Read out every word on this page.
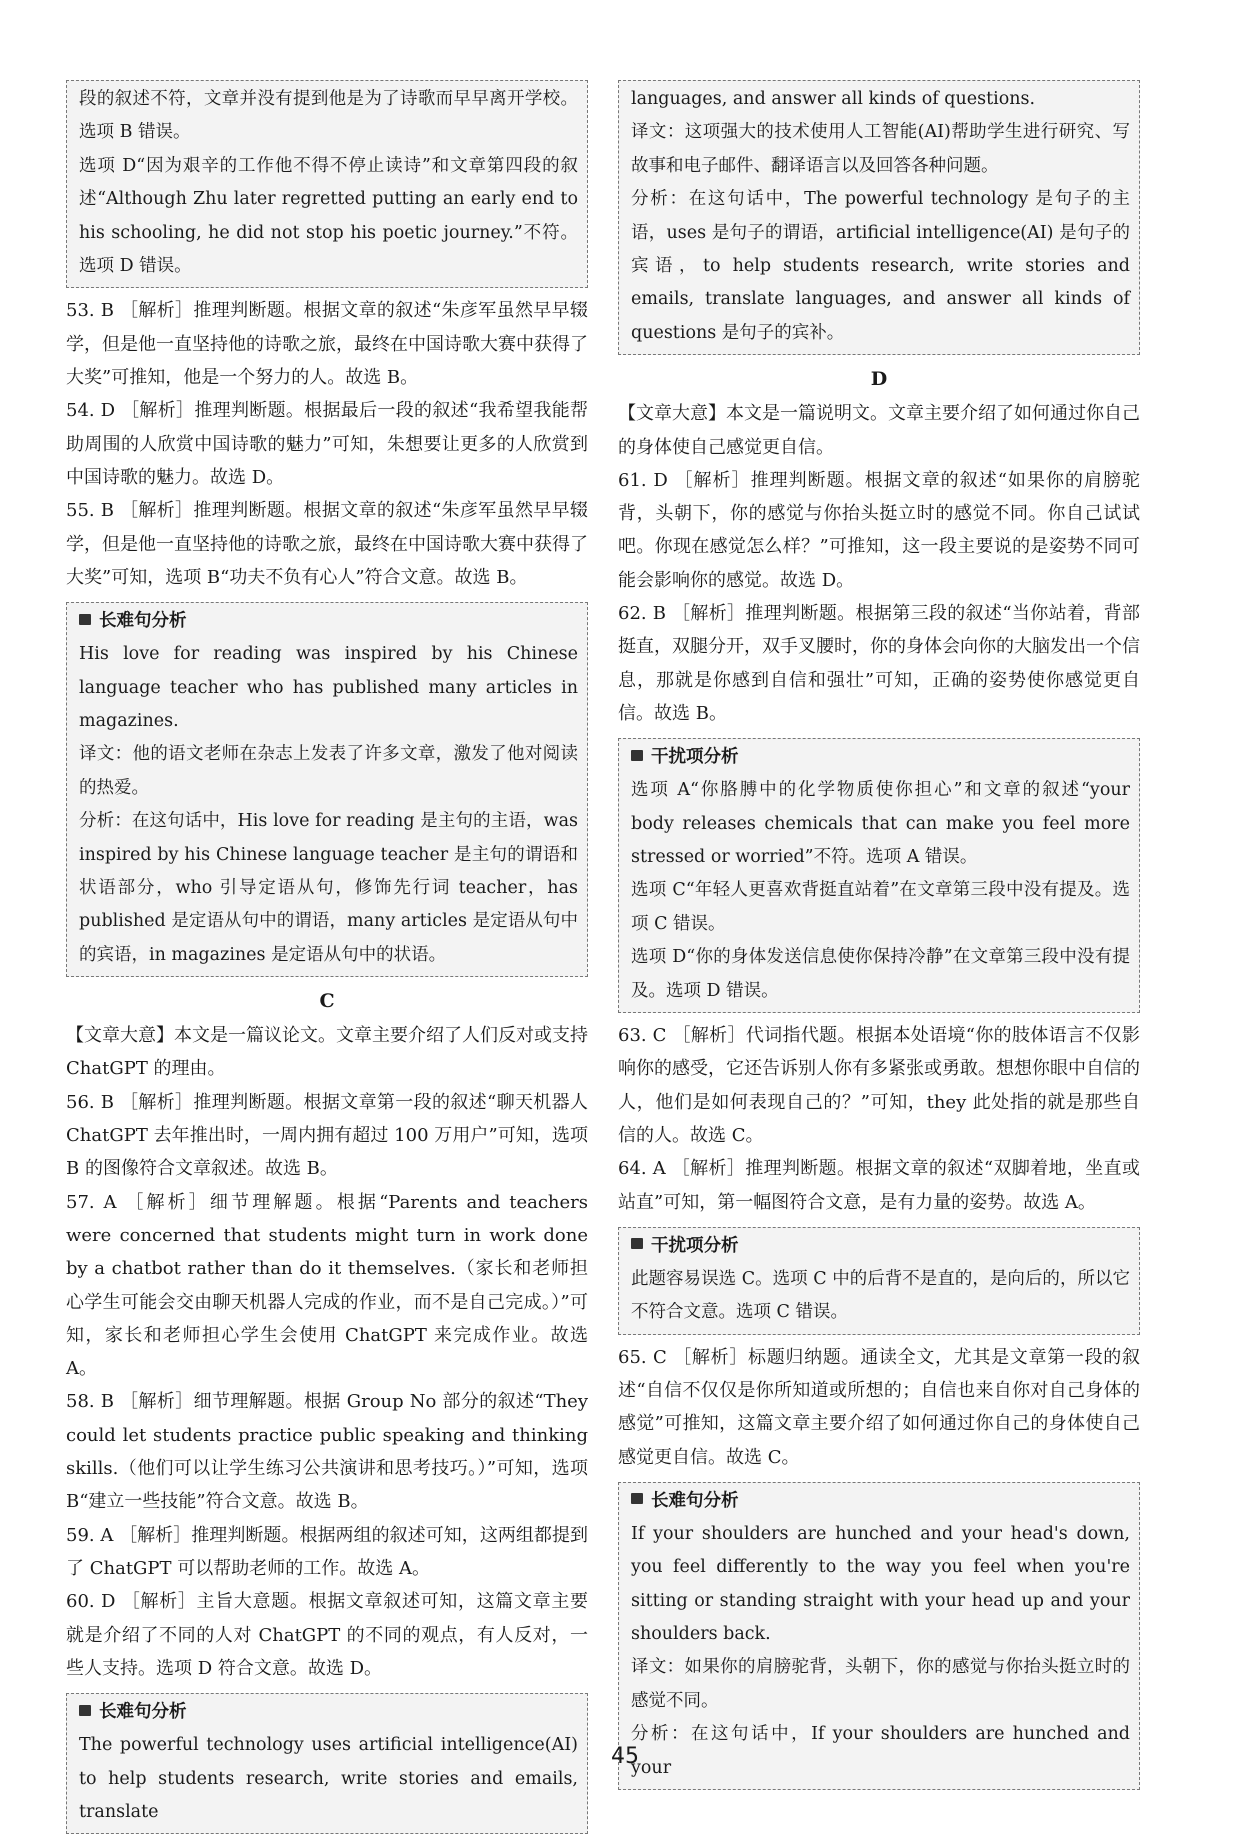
段的叙述不符，文章并没有提到他是为了诗歌而早早离开学校。选项 B 错误。

选项 D“因为艰辛的工作他不得不停止读诗”和文章第四段的叙述“Although Zhu later regretted putting an early end to his schooling, he did not stop his poetic journey.”不符。选项 D 错误。

53. B ［解析］推理判断题。根据文章的叙述“朱彦军虽然早早辍学，但是他一直坚持他的诗歌之旅，最终在中国诗歌大赛中获得了大奖”可推知，他是一个努力的人。故选 B。

54. D ［解析］推理判断题。根据最后一段的叙述“我希望我能帮助周围的人欣赏中国诗歌的魅力”可知，朱想要让更多的人欣赏到中国诗歌的魅力。故选 D。

55. B ［解析］推理判断题。根据文章的叙述“朱彦军虽然早早辍学，但是他一直坚持他的诗歌之旅，最终在中国诗歌大赛中获得了大奖”可知，选项 B“功夫不负有心人”符合文意。故选 B。

长难句分析

His love for reading was inspired by his Chinese language teacher who has published many articles in magazines.

译文：他的语文老师在杂志上发表了许多文章，激发了他对阅读的热爱。

分析：在这句话中，His love for reading 是主句的主语，was inspired by his Chinese language teacher 是主句的谓语和状语部分，who 引导定语从句，修饰先行词 teacher，has published 是定语从句中的谓语，many articles 是定语从句中的宾语，in magazines 是定语从句中的状语。

C

【文章大意】本文是一篇议论文。文章主要介绍了人们反对或支持 ChatGPT 的理由。

56. B ［解析］推理判断题。根据文章第一段的叙述“聊天机器人 ChatGPT 去年推出时，一周内拥有超过 100 万用户”可知，选项 B 的图像符合文章叙述。故选 B。

57. A ［解析］细节理解题。根据“Parents and teachers were concerned that students might turn in work done by a chatbot rather than do it themselves.（家长和老师担心学生可能会交由聊天机器人完成的作业，而不是自己完成。）”可知，家长和老师担心学生会使用 ChatGPT 来完成作业。故选 A。

58. B ［解析］细节理解题。根据 Group No 部分的叙述“They could let students practice public speaking and thinking skills.（他们可以让学生练习公共演讲和思考技巧。）”可知，选项 B“建立一些技能”符合文意。故选 B。

59. A ［解析］推理判断题。根据两组的叙述可知，这两组都提到了 ChatGPT 可以帮助老师的工作。故选 A。

60. D ［解析］主旨大意题。根据文章叙述可知，这篇文章主要就是介绍了不同的人对 ChatGPT 的不同的观点，有人反对，一些人支持。选项 D 符合文意。故选 D。

长难句分析

The powerful technology uses artificial intelligence(AI) to help students research, write stories and emails, translate

languages, and answer all kinds of questions.

译文：这项强大的技术使用人工智能(AI)帮助学生进行研究、写故事和电子邮件、翻译语言以及回答各种问题。

分析：在这句话中，The powerful technology 是句子的主语，uses 是句子的谓语，artificial intelligence(AI) 是句子的宾语，to help students research, write stories and emails, translate languages, and answer all kinds of questions 是句子的宾补。

D

【文章大意】本文是一篇说明文。文章主要介绍了如何通过你自己的身体使自己感觉更自信。

61. D ［解析］推理判断题。根据文章的叙述“如果你的肩膀驼背，头朝下，你的感觉与你抬头挺立时的感觉不同。你自己试试吧。你现在感觉怎么样？”可推知，这一段主要说的是姿势不同可能会影响你的感觉。故选 D。

62. B ［解析］推理判断题。根据第三段的叙述“当你站着，背部挺直，双腿分开，双手叉腰时，你的身体会向你的大脑发出一个信息，那就是你感到自信和强壮”可知，正确的姿势使你感觉更自信。故选 B。

干扰项分析

选项 A“你胳膊中的化学物质使你担心”和文章的叙述“your body releases chemicals that can make you feel more stressed or worried”不符。选项 A 错误。

选项 C“年轻人更喜欢背挺直站着”在文章第三段中没有提及。选项 C 错误。

选项 D“你的身体发送信息使你保持冷静”在文章第三段中没有提及。选项 D 错误。

63. C ［解析］代词指代题。根据本处语境“你的肢体语言不仅影响你的感受，它还告诉别人你有多紧张或勇敢。想想你眼中自信的人，他们是如何表现自己的？”可知，they 此处指的就是那些自信的人。故选 C。

64. A ［解析］推理判断题。根据文章的叙述“双脚着地，坐直或站直”可知，第一幅图符合文意，是有力量的姿势。故选 A。

干扰项分析

此题容易误选 C。选项 C 中的后背不是直的，是向后的，所以它不符合文意。选项 C 错误。

65. C ［解析］标题归纳题。通读全文，尤其是文章第一段的叙述“自信不仅仅是你所知道或所想的；自信也来自你对自己身体的感觉”可推知，这篇文章主要介绍了如何通过你自己的身体使自己感觉更自信。故选 C。

长难句分析

If your shoulders are hunched and your head's down, you feel differently to the way you feel when you're sitting or standing straight with your head up and your shoulders back.

译文：如果你的肩膀驼背，头朝下，你的感觉与你抬头挺立时的感觉不同。

分析：在这句话中，If your shoulders are hunched and your

45
